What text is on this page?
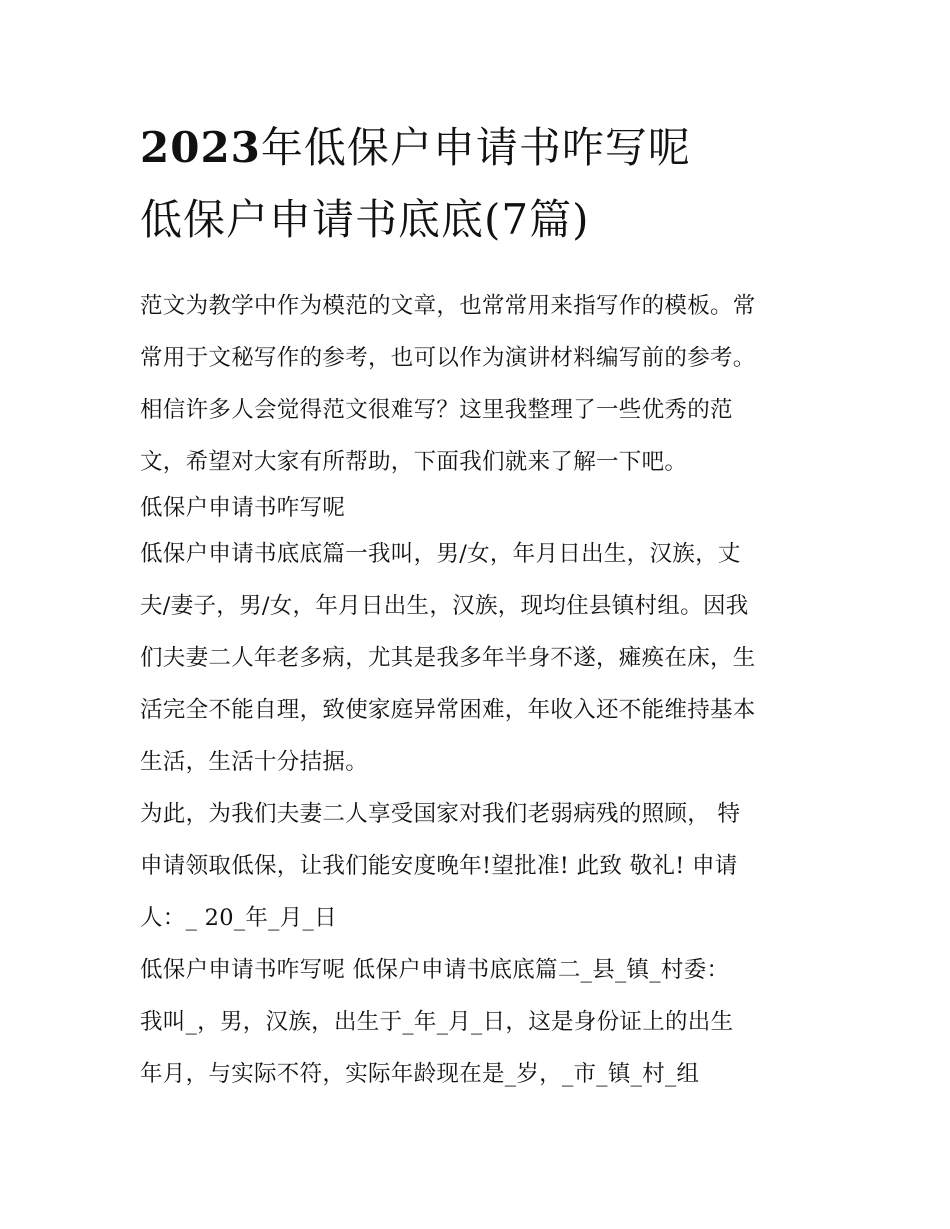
2023年低保户申请书咋写呢
低保户申请书底底(7篇)
范文为教学中作为模范的文章，也常常用来指写作的模板。常
常用于文秘写作的参考，也可以作为演讲材料编写前的参考。
相信许多人会觉得范文很难写？这里我整理了一些优秀的范
文，希望对大家有所帮助，下面我们就来了解一下吧。
低保户申请书咋写呢
低保户申请书底底篇一我叫，男/女，年月日出生，汉族，丈
夫/妻子，男/女，年月日出生，汉族，现均住县镇村组。因我
们夫妻二人年老多病，尤其是我多年半身不遂，瘫痪在床，生
活完全不能自理，致使家庭异常困难，年收入还不能维持基本
生活，生活十分拮据。
为此，为我们夫妻二人享受国家对我们老弱病残的照顾， 特
申请领取低保，让我们能安度晚年!望批准! 此致 敬礼! 申请
人：_ 20_年_月_日
低保户申请书咋写呢 低保户申请书底底篇二_县_镇_村委：
我叫_，男，汉族，出生于_年_月_日，这是身份证上的出生
年月，与实际不符，实际年龄现在是_岁，_市_镇_村_组
